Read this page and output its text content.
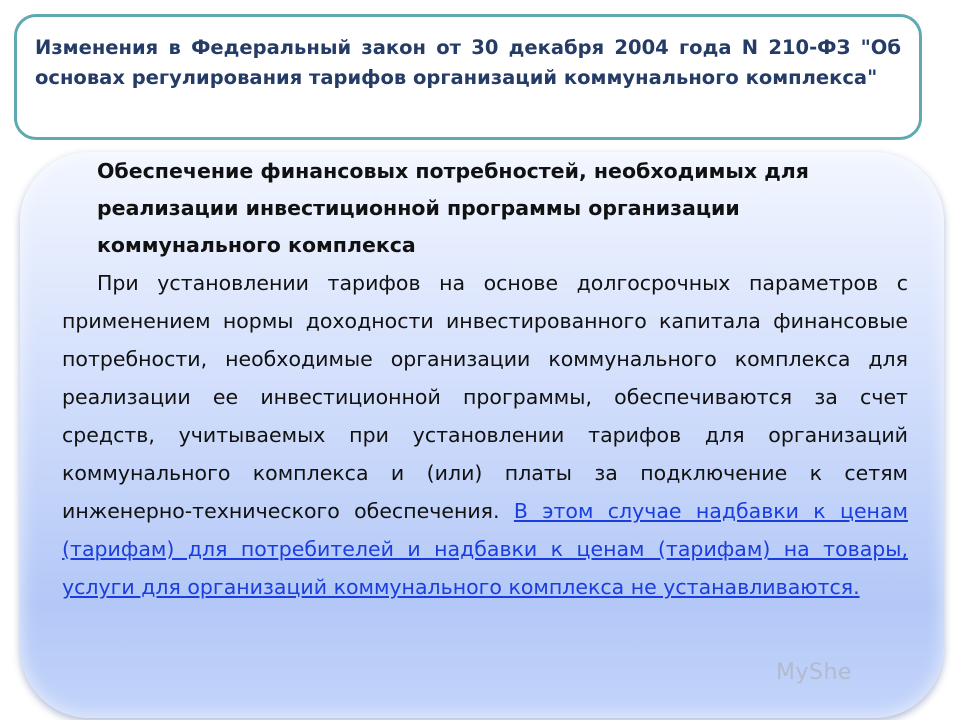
Изменения в Федеральный закон от 30 декабря 2004 года N 210-ФЗ "Об основах регулирования тарифов организаций коммунального комплекса"

Обеспечение финансовых потребностей, необходимых для реализации инвестиционной программы организации коммунального комплекса

При установлении тарифов на основе долгосрочных параметров с применением нормы доходности инвестированного капитала финансовые потребности, необходимые организации коммунального комплекса для реализации ее инвестиционной программы, обеспечиваются за счет средств, учитываемых при установлении тарифов для организаций коммунального комплекса и (или) платы за подключение к сетям инженерно-технического обеспечения. В этом случае надбавки к ценам (тарифам) для потребителей и надбавки к ценам (тарифам) на товары, услуги для организаций коммунального комплекса не устанавливаются.

MyShe
